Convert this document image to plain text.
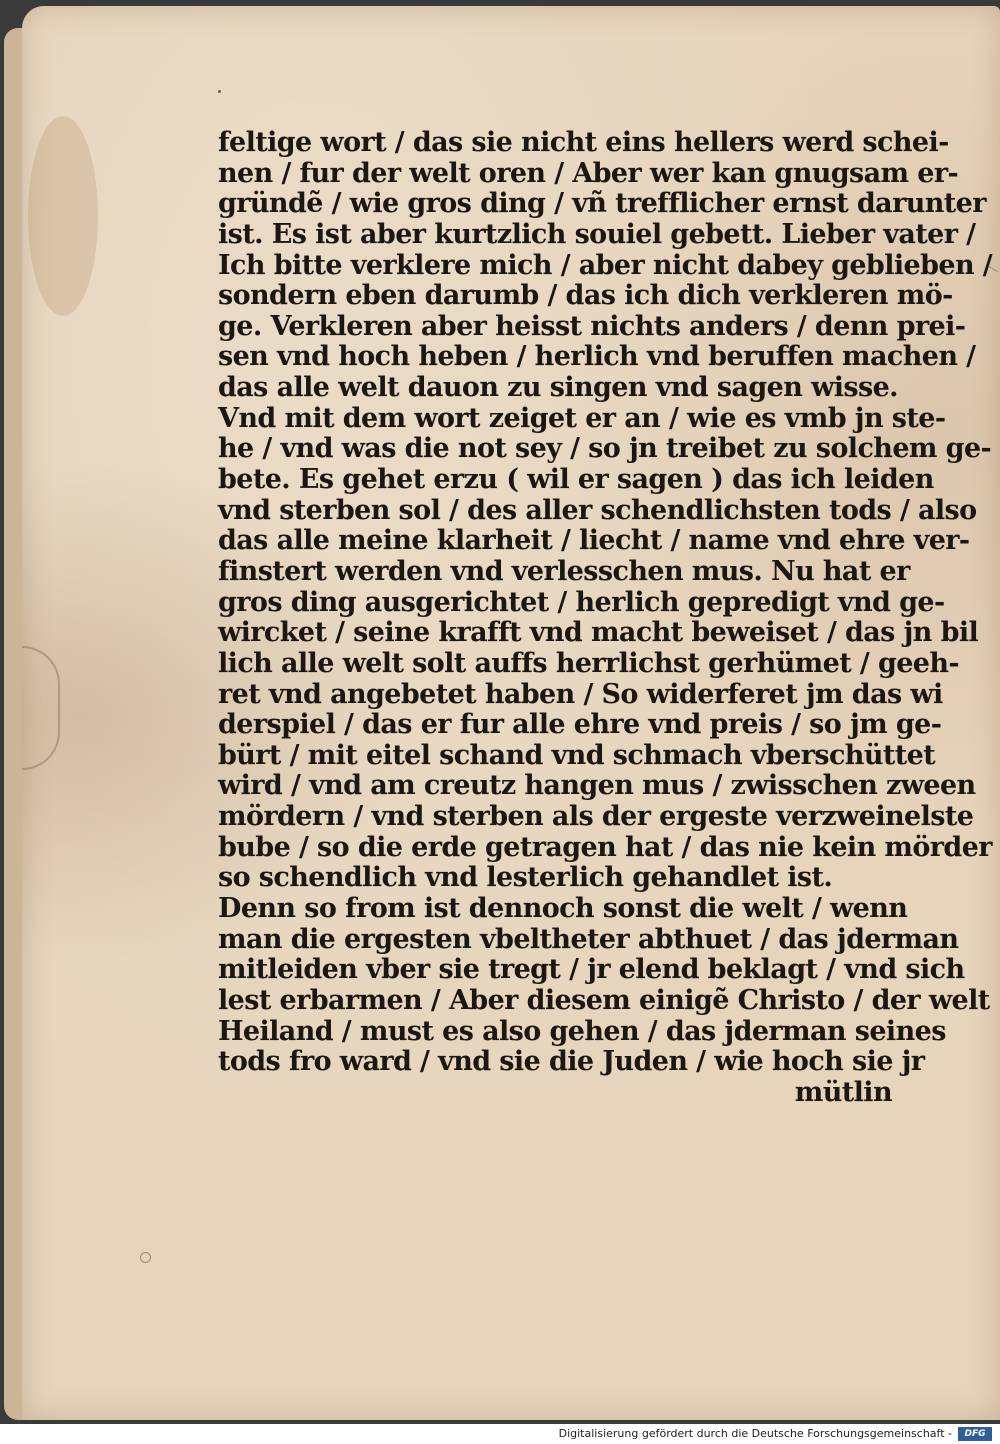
feltige wort / das sie nicht eins hellers werd schei-
nen / fur der welt oren / Aber wer kan gnugsam er-
gründẽ / wie gros ding / vñ trefflicher ernst darunter
ist. Es ist aber kurtzlich souiel gebett. Lieber vater /
Ich bitte verklere mich / aber nicht dabey geblieben /
sondern eben darumb / das ich dich verkleren mö-
ge. Verkleren aber heisst nichts anders / denn prei-
sen vnd hoch heben / herlich vnd beruffen machen /
das alle welt dauon zu singen vnd sagen wisse.
Vnd mit dem wort zeiget er an / wie es vmb jn ste-
he / vnd was die not sey / so jn treibet zu solchem ge-
bete. Es gehet erzu ( wil er sagen ) das ich leiden
vnd sterben sol / des aller schendlichsten tods / also
das alle meine klarheit / liecht / name vnd ehre ver-
finstert werden vnd verlesschen mus. Nu hat er
gros ding ausgerichtet / herlich gepredigt vnd ge-
wircket / seine krafft vnd macht beweiset / das jn bil
lich alle welt solt auffs herrlichst gerhümet / geeh-
ret vnd angebetet haben / So widerferet jm das wi
derspiel / das er fur alle ehre vnd preis / so jm ge-
bürt / mit eitel schand vnd schmach vberschüttet
wird / vnd am creutz hangen mus / zwisschen zween
mördern / vnd sterben als der ergeste verzweinelste
bube / so die erde getragen hat / das nie kein mörder
so schendlich vnd lesterlich gehandlet ist.
Denn so from ist dennoch sonst die welt / wenn
man die ergesten vbeltheter abthuet / das jderman
mitleiden vber sie tregt / jr elend beklagt / vnd sich
lest erbarmen / Aber diesem einigẽ Christo / der welt
Heiland / must es also gehen / das jderman seines
tods fro ward / vnd sie die Juden / wie hoch sie jr
mütlin
Digitalisierung gefördert durch die Deutsche Forschungsgemeinschaft -	DFG
